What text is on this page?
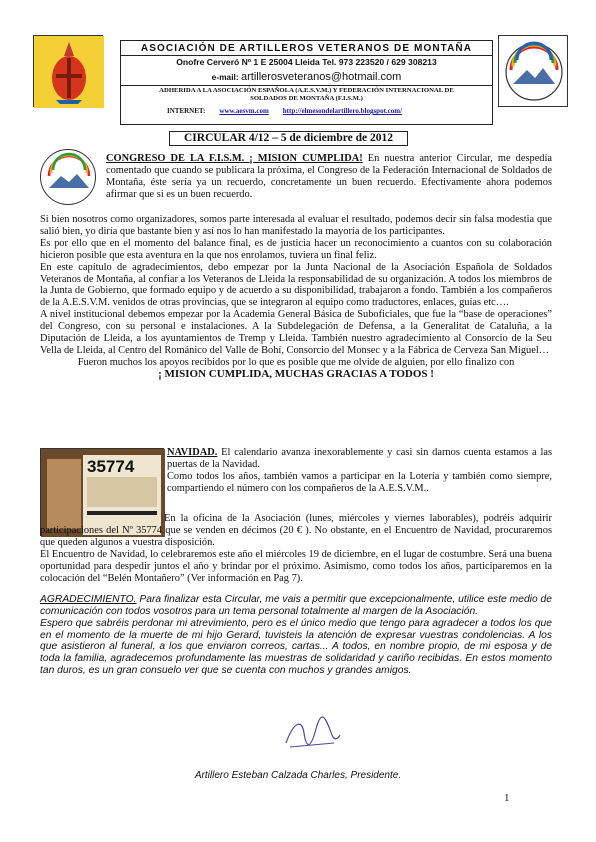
ASOCIACIÓN DE ARTILLEROS VETERANOS DE MONTAÑA
Onofre Cerveró Nº 1 E 25004 Lleida Tel. 973 223520 / 629 308213
e-mail: artillerosveteranos@hotmail.com
ADHERIDA A LA ASOCIACIÓN ESPAÑOLA (A.E.S.V.M.) Y FEDERACIÓN INTERNACIONAL DE SOLDADOS DE MONTAÑA (F.I.S.M.)
INTERNET: www.aesvm.com http://elmesondelartillero.blogspot.com/
CIRCULAR 4/12 – 5 de diciembre de 2012
CONGRESO DE LA F.I.S.M. ¡ MISION CUMPLIDA! En nuestra anterior Circular, me despedía comentado que cuando se publicara la próxima, el Congreso de la Federación Internacional de Soldados de Montaña, éste sería ya un recuerdo, concretamente un buen recuerdo. Efectivamente ahora podemos afirmar que si es un buen recuerdo.
Si bien nosotros como organizadores, somos parte interesada al evaluar el resultado, podemos decir sin falsa modestia que salió bien, yo diría que bastante bien y así nos lo han manifestado la mayoría de los participantes.
Es por ello que en el momento del balance final, es de justicia hacer un reconocimiento a cuantos con su colaboración hicieron posible que esta aventura en la que nos enrolamos, tuviera un final feliz.
En este capítulo de agradecimientos, debo empezar por la Junta Nacional de la Asociación Española de Soldados Veteranos de Montaña, al confiar a los Veteranos de Lleida la responsabilidad de su organización. A todos los miembros de la Junta de Gobierno, que formado equipo y de acuerdo a su disponibilidad, trabajaron a fondo. También a los compañeros de la A.E.S.V.M. venidos de otras provincias, que se integraron al equipo como traductores, enlaces, guías etc….
A nivel institucional debemos empezar por la Academia General Básica de Suboficiales, que fue la “base de operaciones” del Congreso, con su personal e instalaciones. A la Subdelegación de Defensa, a la Generalitat de Cataluña, a la Diputación de Lleida, a los ayuntamientos de Tremp y Lleida. También nuestro agradecimiento al Consorcio de la Seu Vella de Lleida, al Centro del Románico del Valle de Bohí, Consorcio del Monsec y a la Fábrica de Cerveza San Miguel…
Fueron muchos los apoyos recibidos por lo que es posible que me olvide de alguien, por ello finalizo con
¡ MISION CUMPLIDA, MUCHAS GRACIAS A TODOS !
35774
NAVIDAD. El calendario avanza inexorablemente y casi sin darnos cuenta estamos a las puertas de la Navidad.
Como todos los años, también vamos a participar en la Lotería y también como siempre, compartiendo el número con los compañeros de la A.E.S.V.M..
En la oficina de la Asociación (lunes, miércoles y viernes laborables), podréis adquirir participaciones del Nº 35774 que se venden en décimos (20 € ). No obstante, en el Encuentro de Navidad, procuraremos que queden algunos a vuestra disposición.
El Encuentro de Navidad, lo celebraremos este año el miércoles 19 de diciembre, en el lugar de costumbre. Será una buena oportunidad para despedir juntos el año y brindar por el próximo. Asimismo, como todos los años, participaremos en la colocación del “Belén Montañero” (Ver información en Pag 7).

AGRADECIMIENTO. Para finalizar esta Circular, me vais a permitir que excepcionalmente, utilice este medio de comunicación con todos vosotros para un tema personal totalmente al margen de la Asociación.

Espero que sabréis perdonar mi atrevimiento, pero es el único medio que tengo para agradecer a todos los que en el momento de la muerte de mi hijo Gerard, tuvisteis la atención de expresar vuestras condolencias. A los que asistieron al funeral, a los que enviaron correos, cartas... A todos, en nombre propio, de mi esposa y de toda la familia, agradecemos profundamente las muestras de solidaridad y cariño recibidas. En estos momento tan duros, es un gran consuelo ver que se cuenta con muchos y grandes amigos.

Artillero Esteban Calzada Charles, Presidente.
1
